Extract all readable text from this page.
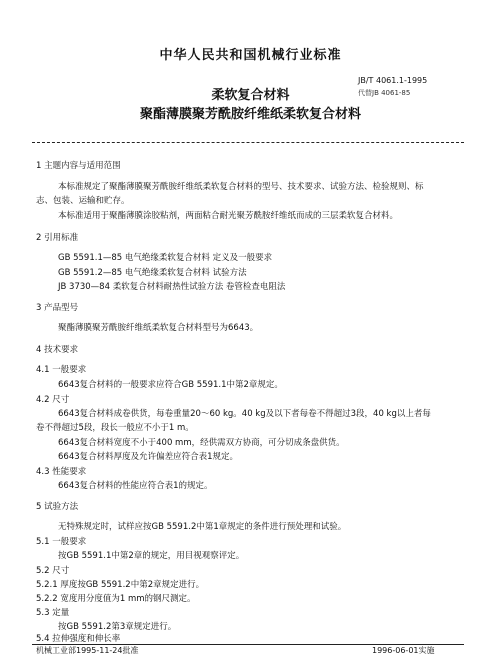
中华人民共和国机械行业标准
JB/T 4061.1-1995
代替JB 4061-85
柔软复合材料
聚酯薄膜聚芳酰胺纤维纸柔软复合材料
1 主题内容与适用范围
本标准规定了聚酯薄膜聚芳酰胺纤维纸柔软复合材料的型号、技术要求、试验方法、检验规则、标
志、包装、运输和贮存。
本标准适用于聚酯薄膜涂胶粘剂，两面粘合耐光聚芳酰胺纤维纸而成的三层柔软复合材料。
2 引用标准
GB 5591.1—85 电气绝缘柔软复合材料 定义及一般要求
GB 5591.2—85 电气绝缘柔软复合材料 试验方法
JB 3730—84 柔软复合材料耐热性试验方法 卷管检查电阻法
3 产品型号
聚酯薄膜聚芳酰胺纤维纸柔软复合材料型号为6643。
4 技术要求
4.1 一般要求
6643复合材料的一般要求应符合GB 5591.1中第2章规定。
4.2 尺寸
6643复合材料成卷供货，每卷重量20～60 kg。40 kg及以下者每卷不得超过3段，40 kg以上者每
卷不得超过5段，段长一般应不小于1 m。
6643复合材料宽度不小于400 mm，经供需双方协商，可分切成条盘供货。
6643复合材料厚度及允许偏差应符合表1规定。
4.3 性能要求
6643复合材料的性能应符合表1的规定。
5 试验方法
无特殊规定时，试样应按GB 5591.2中第1章规定的条件进行预处理和试验。
5.1 一般要求
按GB 5591.1中第2章的规定，用目视观察评定。
5.2 尺寸
5.2.1 厚度按GB 5591.2中第2章规定进行。
5.2.2 宽度用分度值为1 mm的钢尺测定。
5.3 定量
按GB 5591.2第3章规定进行。
5.4 拉伸强度和伸长率
机械工业部1995-11-24批准	1996-06-01实施
